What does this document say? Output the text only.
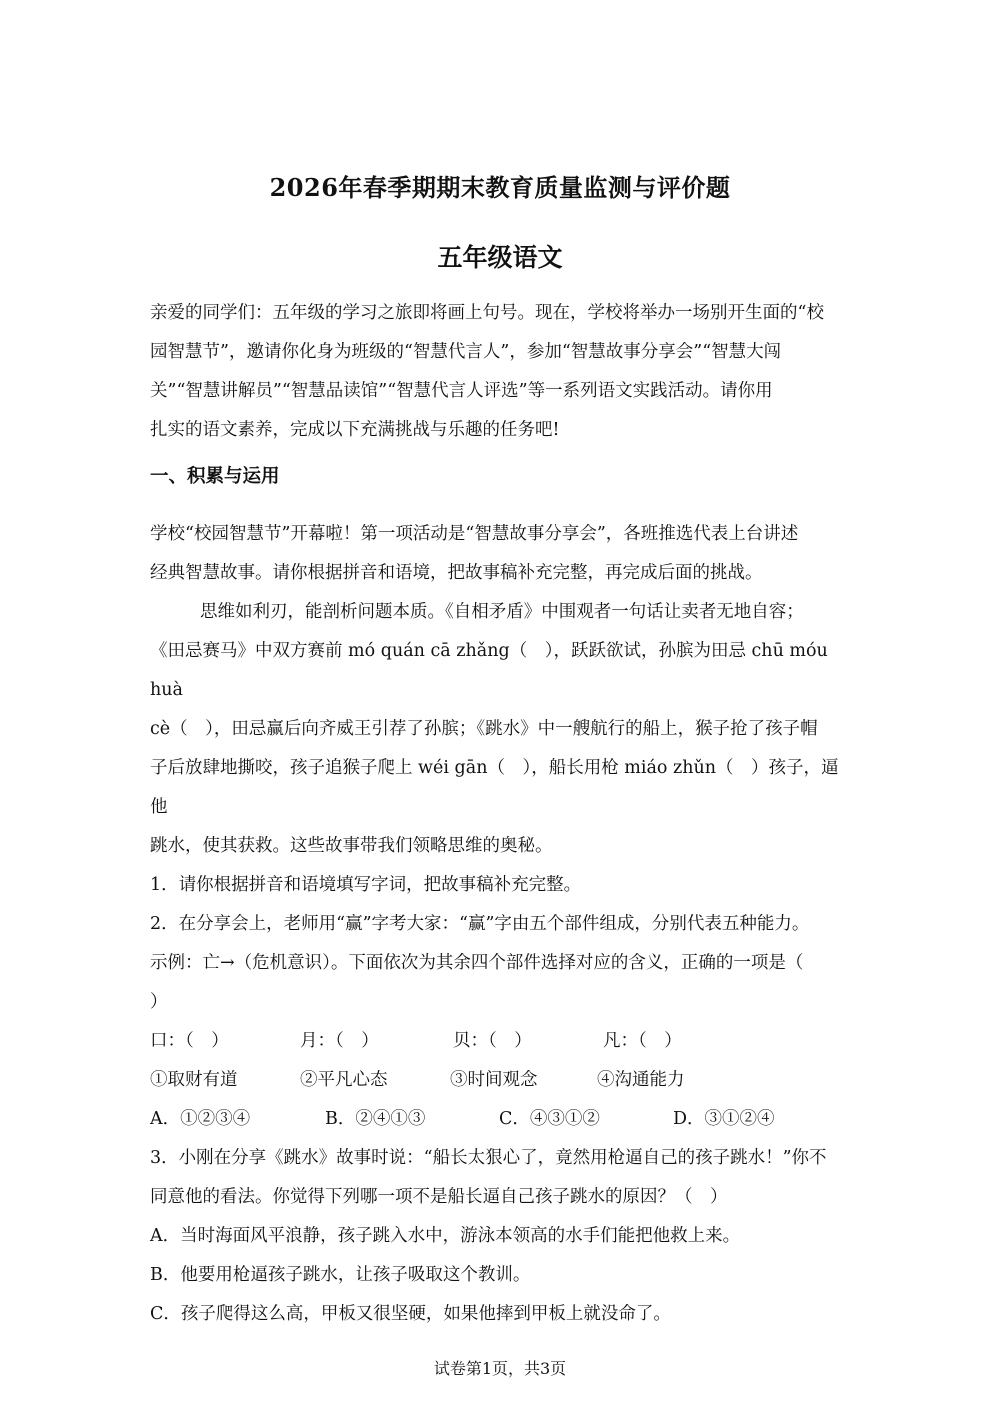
2026年春季期期末教育质量监测与评价题
五年级语文

亲爱的同学们：五年级的学习之旅即将画上句号。现在，学校将举办一场别开生面的“校

园智慧节”，邀请你化身为班级的“智慧代言人”，参加“智慧故事分享会”“智慧大闯

关”“智慧讲解员”“智慧品读馆”“智慧代言人评选”等一系列语文实践活动。请你用

扎实的语文素养，完成以下充满挑战与乐趣的任务吧!

一、积累与运用

学校“校园智慧节”开幕啦！第一项活动是“智慧故事分享会”，各班推选代表上台讲述

经典智慧故事。请你根据拼音和语境，把故事稿补充完整，再完成后面的挑战。

思维如利刃，能剖析问题本质。《自相矛盾》中围观者一句话让卖者无地自容；

《田忌赛马》中双方赛前 mó quán cā zhǎng（　），跃跃欲试，孙膑为田忌 chū móu huà

cè（　），田忌赢后向齐威王引荐了孙膑；《跳水》中一艘航行的船上，猴子抢了孩子帽

子后放肆地撕咬，孩子追猴子爬上 wéi gān（　），船长用枪 miáo zhǔn（　）孩子，逼他

跳水，使其获救。这些故事带我们领略思维的奥秘。

1．请你根据拼音和语境填写字词，把故事稿补充完整。

2．在分享会上，老师用“赢”字考大家：“赢”字由五个部件组成，分别代表五种能力。

示例：亡→（危机意识）。下面依次为其余四个部件选择对应的含义，正确的一项是（

）

口：（　）	月：（　）	贝：（　）	凡：（　）
①取财有道	②平凡心态	③时间观念	④沟通能力
A．①②③④	B．②④①③	C．④③①②	D．③①②④

3．小刚在分享《跳水》故事时说：“船长太狠心了，竟然用枪逼自己的孩子跳水！”你不

同意他的看法。你觉得下列哪一项不是船长逼自己孩子跳水的原因？（　）

A．当时海面风平浪静，孩子跳入水中，游泳本领高的水手们能把他救上来。

B．他要用枪逼孩子跳水，让孩子吸取这个教训。

C．孩子爬得这么高，甲板又很坚硬，如果他摔到甲板上就没命了。

试卷第1页，共3页
